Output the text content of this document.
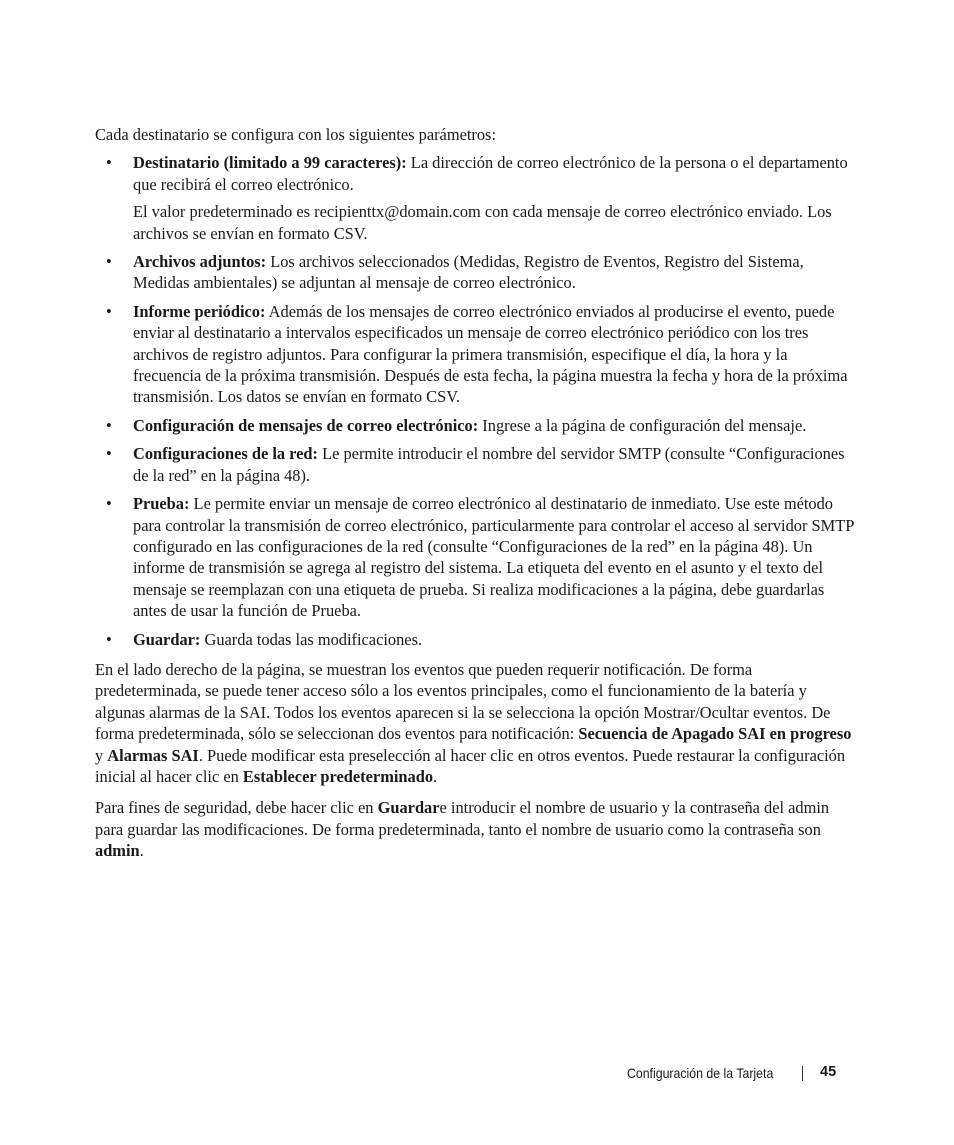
Cada destinatario se configura con los siguientes parámetros:

• Destinatario (limitado a 99 caracteres): La dirección de correo electrónico de la persona o el departamento que recibirá el correo electrónico.

El valor predeterminado es recipienttx@domain.com con cada mensaje de correo electrónico enviado. Los archivos se envían en formato CSV.

• Archivos adjuntos: Los archivos seleccionados (Medidas, Registro de Eventos, Registro del Sistema, Medidas ambientales) se adjuntan al mensaje de correo electrónico.

• Informe periódico: Además de los mensajes de correo electrónico enviados al producirse el evento, puede enviar al destinatario a intervalos especificados un mensaje de correo electrónico periódico con los tres archivos de registro adjuntos. Para configurar la primera transmisión, especifique el día, la hora y la frecuencia de la próxima transmisión. Después de esta fecha, la página muestra la fecha y hora de la próxima transmisión. Los datos se envían en formato CSV.

• Configuración de mensajes de correo electrónico: Ingrese a la página de configuración del mensaje.

• Configuraciones de la red: Le permite introducir el nombre del servidor SMTP (consulte “Configuraciones de la red” en la página 48).

• Prueba: Le permite enviar un mensaje de correo electrónico al destinatario de inmediato. Use este método para controlar la transmisión de correo electrónico, particularmente para controlar el acceso al servidor SMTP configurado en las configuraciones de la red (consulte “Configuraciones de la red” en la página 48). Un informe de transmisión se agrega al registro del sistema. La etiqueta del evento en el asunto y el texto del mensaje se reemplazan con una etiqueta de prueba. Si realiza modificaciones a la página, debe guardarlas antes de usar la función de Prueba.

• Guardar: Guarda todas las modificaciones.

En el lado derecho de la página, se muestran los eventos que pueden requerir notificación. De forma predeterminada, se puede tener acceso sólo a los eventos principales, como el funcionamiento de la batería y algunas alarmas de la SAI. Todos los eventos aparecen si la se selecciona la opción Mostrar/Ocultar eventos. De forma predeterminada, sólo se seleccionan dos eventos para notificación: Secuencia de Apagado SAI en progreso y Alarmas SAI. Puede modificar esta preselección al hacer clic en otros eventos. Puede restaurar la configuración inicial al hacer clic en Establecer predeterminado.

Para fines de seguridad, debe hacer clic en Guardare introducir el nombre de usuario y la contraseña del admin para guardar las modificaciones. De forma predeterminada, tanto el nombre de usuario como la contraseña son admin.

Configuración de la Tarjeta	45
